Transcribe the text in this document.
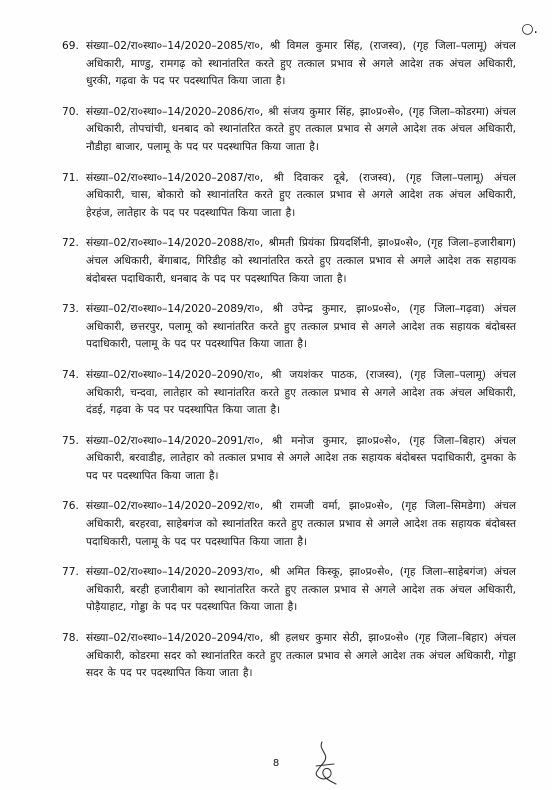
○.
69. संख्या–02/रा०स्था०–14/2020–2085/रा०, श्री विमल कुमार सिंह, (राजस्व), (गृह जिला–पलामू) अंचल अधिकारी, माण्डु, रामगढ़ को स्थानांतरित करते हुए तत्काल प्रभाव से अगले आदेश तक अंचल अधिकारी, धुरकी, गढ़वा के पद पर पदस्थापित किया जाता है।
70. संख्या–02/रा०स्था०–14/2020–2086/रा०, श्री संजय कुमार सिंह, झा०प्र०से०, (गृह जिला–कोडरमा) अंचल अधिकारी, तोपचांची, धनबाद को स्थानांतरित करते हुए तत्काल प्रभाव से अगले आदेश तक अंचल अधिकारी, नौडीहा बाजार, पलामू के पद पर पदस्थापित किया जाता है।
71. संख्या–02/रा०स्था०–14/2020–2087/रा०, श्री दिवाकर दूबे, (राजस्व), (गृह जिला–पलामू) अंचल अधिकारी, चास, बोकारो को स्थानांतरित करते हुए तत्काल प्रभाव से अगले आदेश तक अंचल अधिकारी, हेरहंज, लातेहार के पद पर पदस्थापित किया जाता है।
72. संख्या–02/रा०स्था०–14/2020–2088/रा०, श्रीमती प्रियंका प्रियदर्शिनी, झा०प्र०से०, (गृह जिला–हजारीबाग) अंचल अधिकारी, बेंगाबाद, गिरिडीह को स्थानांतरित करते हुए तत्काल प्रभाव से अगले आदेश तक सहायक बंदोबस्त पदाधिकारी, धनबाद के पद पर पदस्थापित किया जाता है।
73. संख्या–02/रा०स्था०–14/2020–2089/रा०, श्री उपेन्द्र कुमार, झा०प्र०से०, (गृह जिला–गढ़वा) अंचल अधिकारी, छत्तरपुर, पलामू को स्थानांतरित करते हुए तत्काल प्रभाव से अगले आदेश तक सहायक बंदोबस्त पदाधिकारी, पलामू के पद पर पदस्थापित किया जाता है।
74. संख्या–02/रा०स्था०–14/2020–2090/रा०, श्री जयशंकर पाठक, (राजस्व), (गृह जिला–पलामू) अंचल अधिकारी, चन्दवा, लातेहार को स्थानांतरित करते हुए तत्काल प्रभाव से अगले आदेश तक अंचल अधिकारी, दंडई, गढ़वा के पद पर पदस्थापित किया जाता है।
75. संख्या–02/रा०स्था०–14/2020–2091/रा०, श्री मनोज कुमार, झा०प्र०से०, (गृह जिला–बिहार) अंचल अधिकारी, बरवाडीह, लातेहार को तत्काल प्रभाव से अगले आदेश तक सहायक बंदोबस्त पदाधिकारी, दुमका के पद पर पदस्थापित किया जाता है।
76. संख्या–02/रा०स्था०–14/2020–2092/रा०, श्री रामजी वर्मा, झा०प्र०से०, (गृह जिला–सिमडेगा) अंचल अधिकारी, बरहरवा, साहेबगंज को स्थानांतरित करते हुए तत्काल प्रभाव से अगले आदेश तक सहायक बंदोबस्त पदाधिकारी, पलामू के पद पर पदस्थापित किया जाता है।
77. संख्या–02/रा०स्था०–14/2020–2093/रा०, श्री अमित किस्कू, झा०प्र०से०, (गृह जिला–साहेबगंज) अंचल अधिकारी, बरही हजारीबाग को स्थानांतरित करते हुए तत्काल प्रभाव से अगले आदेश तक अंचल अधिकारी, पोड़ैयाहाट, गोड्डा के पद पर पदस्थापित किया जाता है।
78. संख्या–02/रा०स्था०–14/2020–2094/रा०, श्री हलधर कुमार सेठी, झा०प्र०से० (गृह जिला–बिहार) अंचल अधिकारी, कोडरमा सदर को स्थानांतरित करते हुए तत्काल प्रभाव से अगले आदेश तक अंचल अधिकारी, गोड्डा सदर के पद पर पदस्थापित किया जाता है।
8
